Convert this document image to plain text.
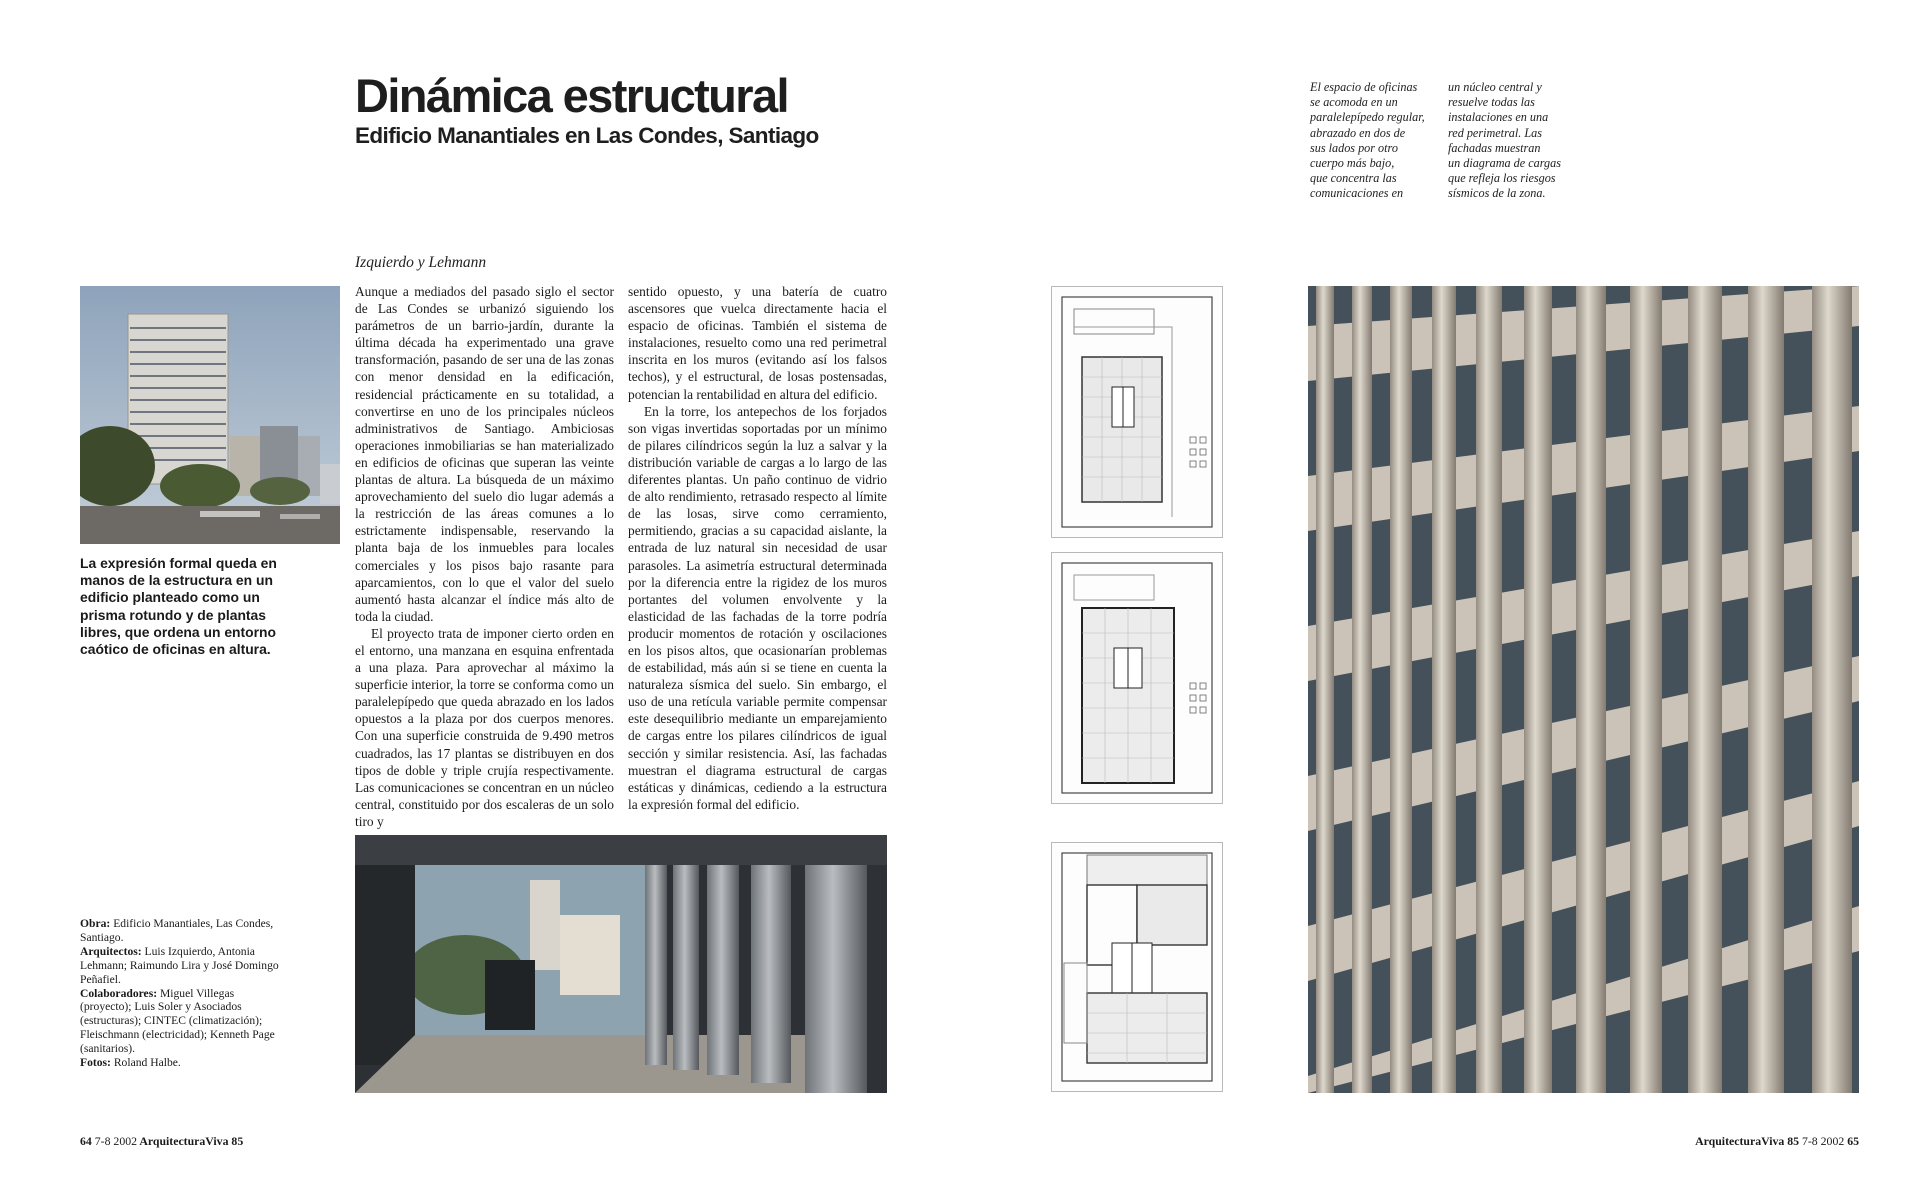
Dinámica estructural
Edificio Manantiales en Las Condes, Santiago
El espacio de oficinas
se acomoda en un
paralelepípedo regular,
abrazado en dos de
sus lados por otro
cuerpo más bajo,
que concentra las
comunicaciones en
un núcleo central y
resuelve todas las
instalaciones en una
red perimetral. Las
fachadas muestran
un diagrama de cargas
que refleja los riesgos
sísmicos de la zona.
Izquierdo y Lehmann

La expresión formal queda en manos de la estructura en un edificio planteado como un prisma rotundo y de plantas libres, que ordena un entorno caótico de oficinas en altura.

Aunque a mediados del pasado siglo el sector de Las Condes se urbanizó siguiendo los parámetros de un barrio-jardín, durante la última década ha experimentado una grave transformación, pasando de ser una de las zonas con menor densidad en la edificación, residencial prácticamente en su totalidad, a convertirse en uno de los principales núcleos administrativos de Santiago. Ambiciosas operaciones inmobiliarias se han materializado en edificios de oficinas que superan las veinte plantas de altura. La búsqueda de un máximo aprovechamiento del suelo dio lugar además a la restricción de las áreas comunes a lo estrictamente indispensable, reservando la planta baja de los inmuebles para locales comerciales y los pisos bajo rasante para aparcamientos, con lo que el valor del suelo aumentó hasta alcanzar el índice más alto de toda la ciudad.

El proyecto trata de imponer cierto orden en el entorno, una manzana en esquina enfrentada a una plaza. Para aprovechar al máximo la superficie interior, la torre se conforma como un paralelepípedo que queda abrazado en los lados opuestos a la plaza por dos cuerpos menores. Con una superficie construida de 9.490 metros cuadrados, las 17 plantas se distribuyen en dos tipos de doble y triple crujía respectivamente. Las comunicaciones se concentran en un núcleo central, constituido por dos escaleras de un solo tiro y

sentido opuesto, y una batería de cuatro ascensores que vuelca directamente hacia el espacio de oficinas. También el sistema de instalaciones, resuelto como una red perimetral inscrita en los muros (evitando así los falsos techos), y el estructural, de losas postensadas, potencian la rentabilidad en altura del edificio.

En la torre, los antepechos de los forjados son vigas invertidas soportadas por un mínimo de pilares cilíndricos según la luz a salvar y la distribución variable de cargas a lo largo de las diferentes plantas. Un paño continuo de vidrio de alto rendimiento, retrasado respecto al límite de las losas, sirve como cerramiento, permitiendo, gracias a su capacidad aislante, la entrada de luz natural sin necesidad de usar parasoles. La asimetría estructural determinada por la diferencia entre la rigidez de los muros portantes del volumen envolvente y la elasticidad de las fachadas de la torre podría producir momentos de rotación y oscilaciones en los pisos altos, que ocasionarían problemas de estabilidad, más aún si se tiene en cuenta la naturaleza sísmica del suelo. Sin embargo, el uso de una retícula variable permite compensar este desequilibrio mediante un emparejamiento de cargas entre los pilares cilíndricos de igual sección y similar resistencia. Así, las fachadas muestran el diagrama estructural de cargas estáticas y dinámicas, cediendo a la estructura la expresión formal del edificio.

Obra: Edificio Manantiales, Las Condes, Santiago.
Arquitectos: Luis Izquierdo, Antonia Lehmann; Raimundo Lira y José Domingo Peñafiel.
Colaboradores: Miguel Villegas (proyecto); Luis Soler y Asociados (estructuras); CINTEC (climatización); Fleischmann (electricidad); Kenneth Page (sanitarios).
Fotos: Roland Halbe.
64 7-8 2002 ArquitecturaViva 85	ArquitecturaViva 85 7-8 2002 65
